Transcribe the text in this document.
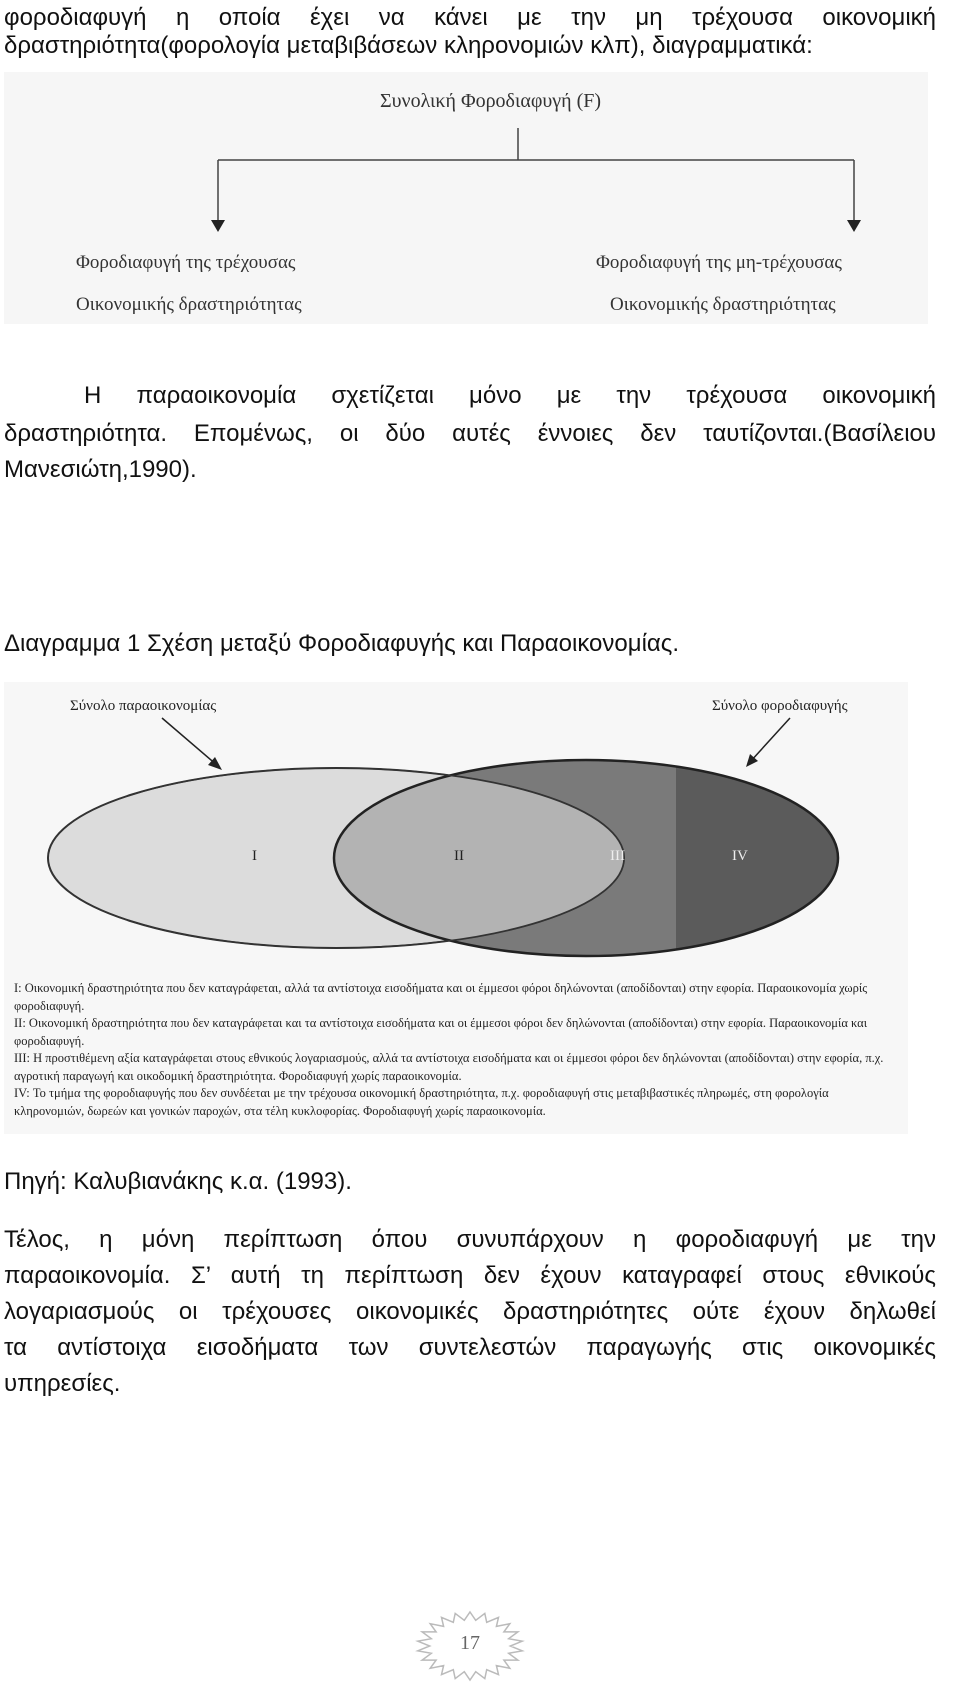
φοροδιαφυγή η οποία έχει να κάνει με την μη τρέχουσα οικονομική
δραστηριότητα(φορολογία μεταβιβάσεων κληρονομιών κλπ), διαγραμματικά:
Συνολική Φοροδιαφυγή (F)
Φοροδιαφυγή της τρέχουσας
Οικονομικής δραστηριότητας
Φοροδιαφυγή της μη-τρέχουσας
Οικονομικής δραστηριότητας
Η παραοικονομία σχετίζεται μόνο με την τρέχουσα οικονομική
δραστηριότητα. Επομένως, οι δύο αυτές έννοιες δεν ταυτίζονται.(Βασίλειου
Μανεσιώτη,1990).
Διαγραμμα 1 Σχέση μεταξύ Φοροδιαφυγής και Παραοικονομίας.
Σύνολο παραοικονομίας	Σύνολο φοροδιαφυγής
I	II	III	IV

I: Οικονομική δραστηριότητα που δεν καταγράφεται, αλλά τα αντίστοιχα εισοδήματα και οι έμμεσοι φόροι δηλώνονται (αποδίδονται) στην εφορία. Παραοικονομία χωρίς φοροδιαφυγή.

II: Οικονομική δραστηριότητα που δεν καταγράφεται και τα αντίστοιχα εισοδήματα και οι έμμεσοι φόροι δεν δηλώνονται (αποδίδονται) στην εφορία. Παραοικονομία και φοροδιαφυγή.

III: Η προστιθέμενη αξία καταγράφεται στους εθνικούς λογαριασμούς, αλλά τα αντίστοιχα εισοδήματα και οι έμμεσοι φόροι δεν δηλώνονται (αποδίδονται) στην εφορία, π.χ. αγροτική παραγωγή και οικοδομική δραστηριότητα. Φοροδιαφυγή χωρίς παραοικονομία.

IV: Το τμήμα της φοροδιαφυγής που δεν συνδέεται με την τρέχουσα οικονομική δραστηριότητα, π.χ. φοροδιαφυγή στις μεταβιβαστικές πληρωμές, στη φορολογία κληρονομιών, δωρεών και γονικών παροχών, στα τέλη κυκλοφορίας. Φοροδιαφυγή χωρίς παραοικονομία.

Πηγή: Καλυβιανάκης κ.α. (1993).
Τέλος, η μόνη περίπτωση όπου συνυπάρχουν η φοροδιαφυγή με την
παραοικονομία. Σ’ αυτή τη περίπτωση δεν έχουν καταγραφεί στους εθνικούς
λογαριασμούς οι τρέχουσες οικονομικές δραστηριότητες ούτε έχουν δηλωθεί
τα αντίστοιχα εισοδήματα των συντελεστών παραγωγής στις οικονομικές
υπηρεσίες.
17
